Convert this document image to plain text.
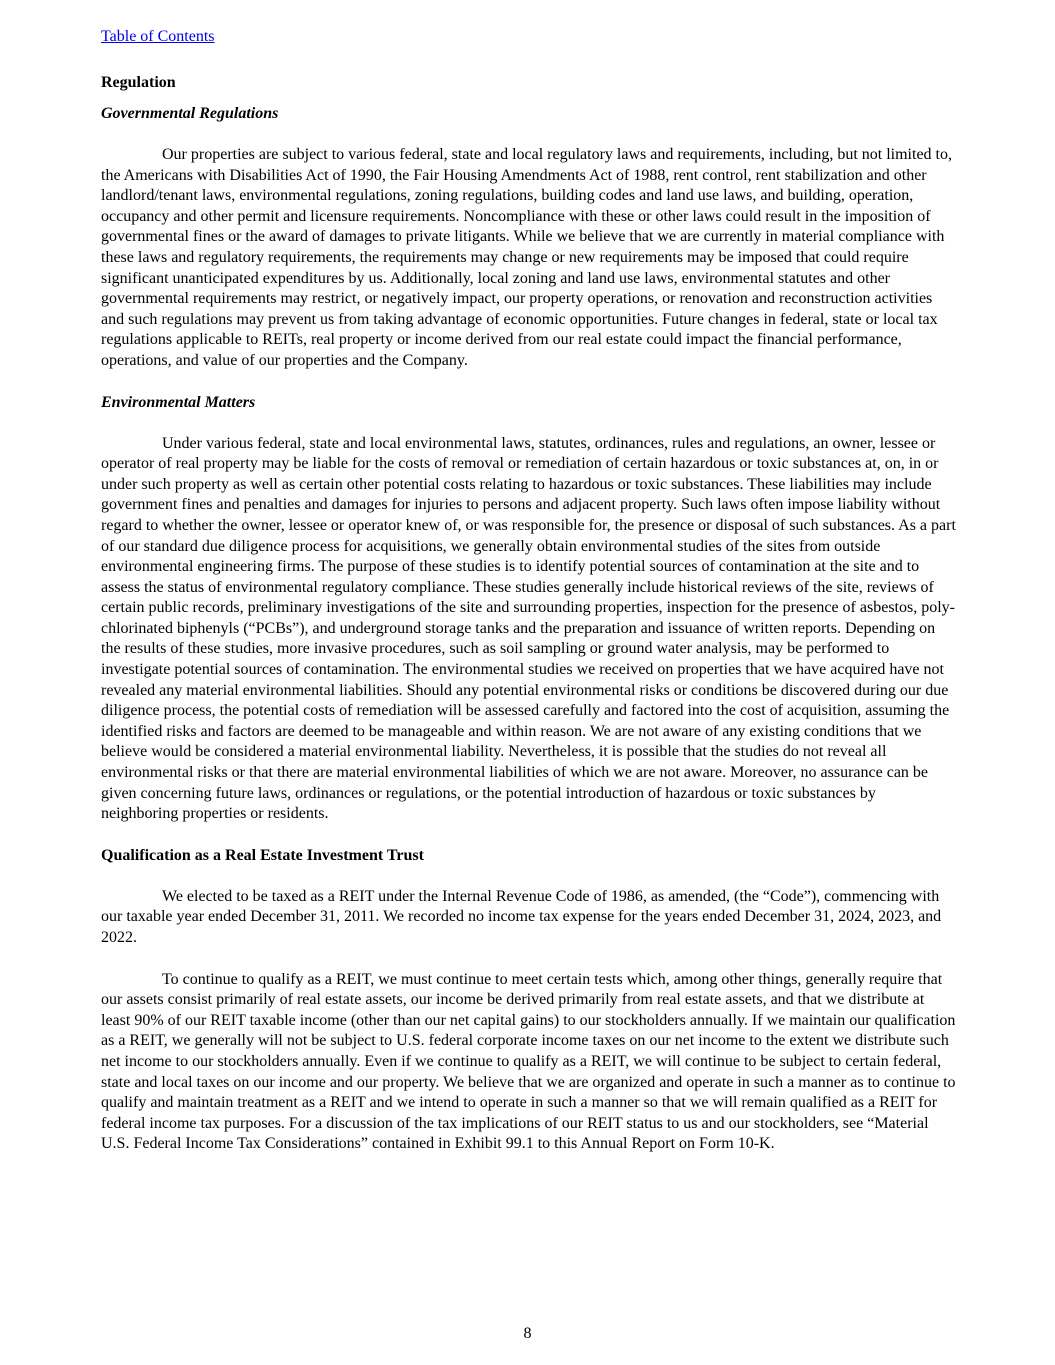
Table of Contents
Regulation
Governmental Regulations

Our properties are subject to various federal, state and local regulatory laws and requirements, including, but not limited to, the Americans with Disabilities Act of 1990, the Fair Housing Amendments Act of 1988, rent control, rent stabilization and other landlord/tenant laws, environmental regulations, zoning regulations, building codes and land use laws, and building, operation, occupancy and other permit and licensure requirements. Noncompliance with these or other laws could result in the imposition of governmental fines or the award of damages to private litigants. While we believe that we are currently in material compliance with these laws and regulatory requirements, the requirements may change or new requirements may be imposed that could require significant unanticipated expenditures by us. Additionally, local zoning and land use laws, environmental statutes and other governmental requirements may restrict, or negatively impact, our property operations, or renovation and reconstruction activities and such regulations may prevent us from taking advantage of economic opportunities. Future changes in federal, state or local tax regulations applicable to REITs, real property or income derived from our real estate could impact the financial performance, operations, and value of our properties and the Company.

Environmental Matters

Under various federal, state and local environmental laws, statutes, ordinances, rules and regulations, an owner, lessee or operator of real property may be liable for the costs of removal or remediation of certain hazardous or toxic substances at, on, in or under such property as well as certain other potential costs relating to hazardous or toxic substances. These liabilities may include government fines and penalties and damages for injuries to persons and adjacent property. Such laws often impose liability without regard to whether the owner, lessee or operator knew of, or was responsible for, the presence or disposal of such substances. As a part of our standard due diligence process for acquisitions, we generally obtain environmental studies of the sites from outside environmental engineering firms. The purpose of these studies is to identify potential sources of contamination at the site and to assess the status of environmental regulatory compliance. These studies generally include historical reviews of the site, reviews of certain public records, preliminary investigations of the site and surrounding properties, inspection for the presence of asbestos, poly-chlorinated biphenyls (“PCBs”), and underground storage tanks and the preparation and issuance of written reports. Depending on the results of these studies, more invasive procedures, such as soil sampling or ground water analysis, may be performed to investigate potential sources of contamination. The environmental studies we received on properties that we have acquired have not revealed any material environmental liabilities. Should any potential environmental risks or conditions be discovered during our due diligence process, the potential costs of remediation will be assessed carefully and factored into the cost of acquisition, assuming the identified risks and factors are deemed to be manageable and within reason. We are not aware of any existing conditions that we believe would be considered a material environmental liability. Nevertheless, it is possible that the studies do not reveal all environmental risks or that there are material environmental liabilities of which we are not aware. Moreover, no assurance can be given concerning future laws, ordinances or regulations, or the potential introduction of hazardous or toxic substances by neighboring properties or residents.

Qualification as a Real Estate Investment Trust

We elected to be taxed as a REIT under the Internal Revenue Code of 1986, as amended, (the “Code”), commencing with our taxable year ended December 31, 2011. We recorded no income tax expense for the years ended December 31, 2024, 2023, and 2022.

To continue to qualify as a REIT, we must continue to meet certain tests which, among other things, generally require that our assets consist primarily of real estate assets, our income be derived primarily from real estate assets, and that we distribute at least 90% of our REIT taxable income (other than our net capital gains) to our stockholders annually. If we maintain our qualification as a REIT, we generally will not be subject to U.S. federal corporate income taxes on our net income to the extent we distribute such net income to our stockholders annually. Even if we continue to qualify as a REIT, we will continue to be subject to certain federal, state and local taxes on our income and our property. We believe that we are organized and operate in such a manner as to continue to qualify and maintain treatment as a REIT and we intend to operate in such a manner so that we will remain qualified as a REIT for federal income tax purposes. For a discussion of the tax implications of our REIT status to us and our stockholders, see “Material U.S. Federal Income Tax Considerations” contained in Exhibit 99.1 to this Annual Report on Form 10-K.

8
